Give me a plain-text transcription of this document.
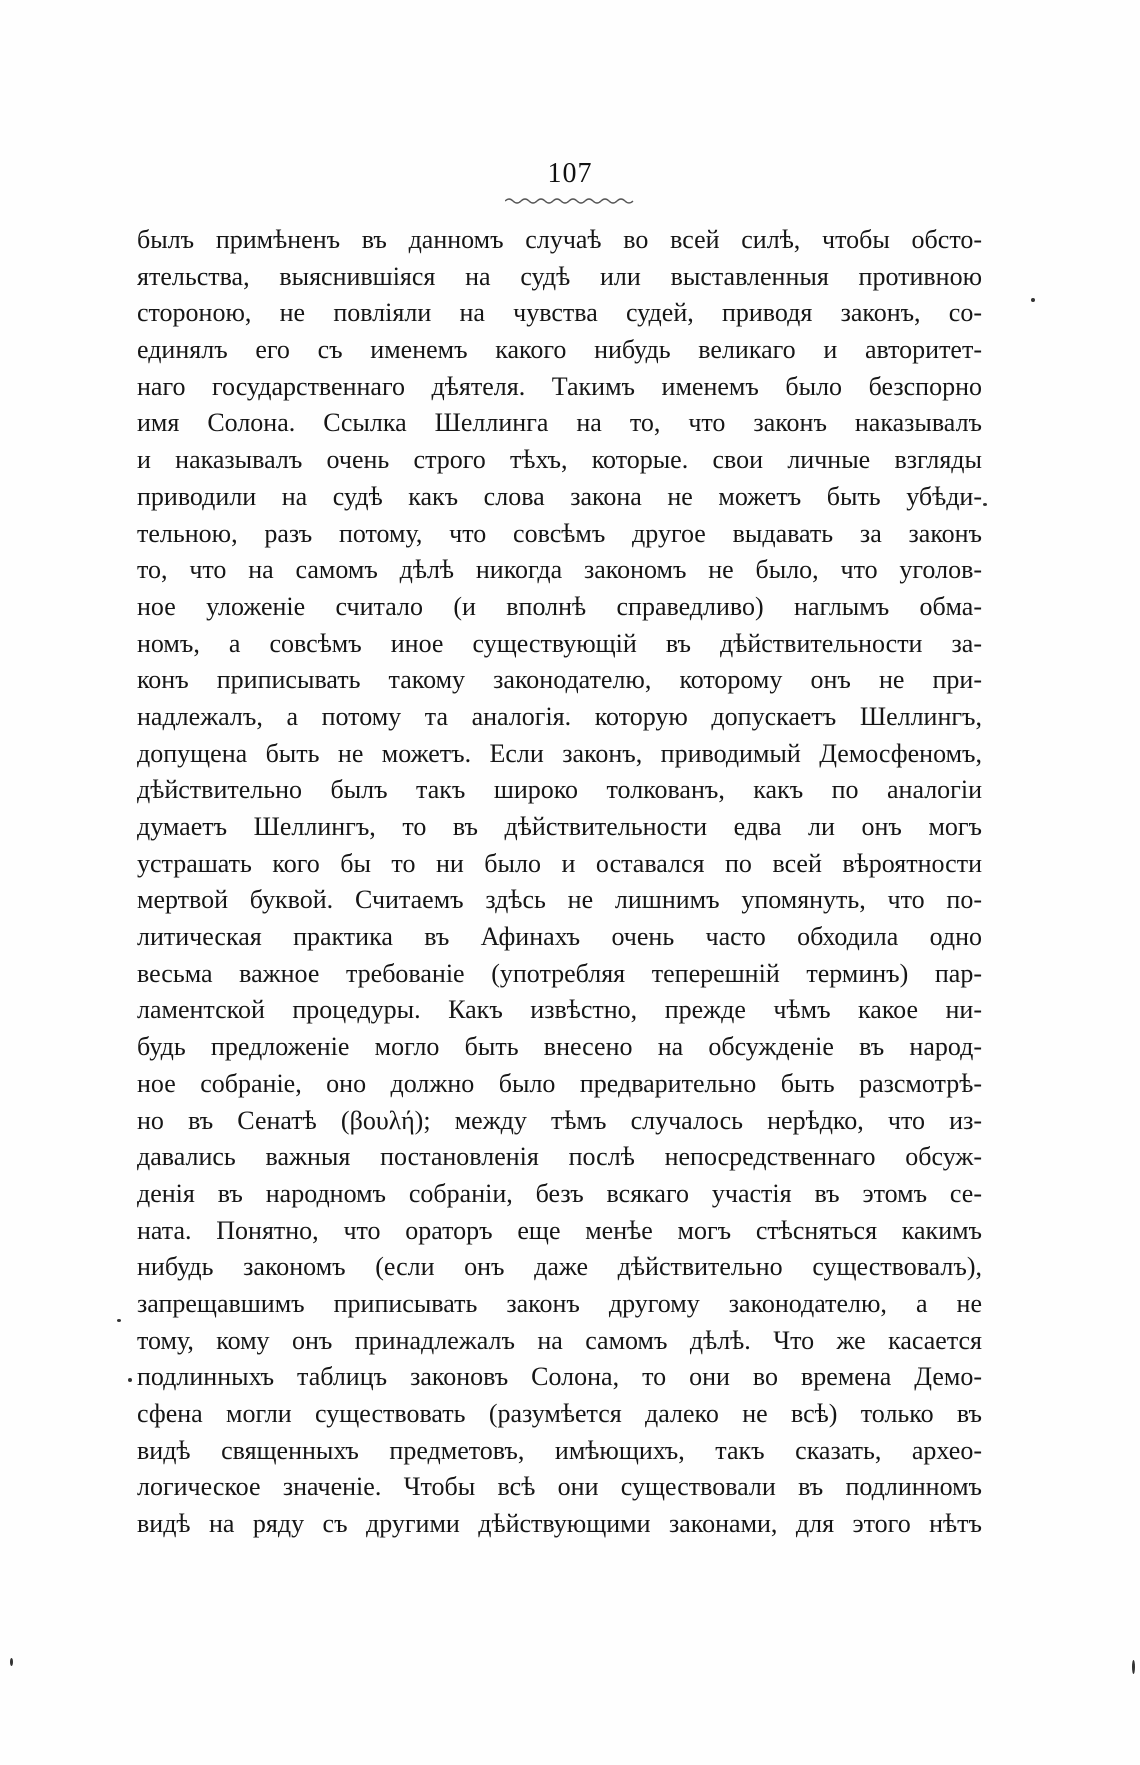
107
былъ примѣненъ въ данномъ случаѣ во всей силѣ, чтобы обсто-
ятельства, выяснившіяся на судѣ или выставленныя противною
стороною, не повліяли на чувства судей, приводя законъ, со-
единялъ его съ именемъ какого нибудь великаго и авторитет-
наго государственнаго дѣятеля. Такимъ именемъ было безспорно
имя Солона. Ссылка Шеллинга на то, что законъ наказывалъ
и наказывалъ очень строго тѣхъ, которые. свои личные взгляды
приводили на судѣ какъ слова закона не можетъ быть убѣди-
тельною, разъ потому, что совсѣмъ другое выдавать за законъ
то, что на самомъ дѣлѣ никогда закономъ не было, что уголов-
ное уложеніе считало (и вполнѣ справедливо) наглымъ обма-
номъ, а совсѣмъ иное существующій въ дѣйствительности за-
конъ приписывать такому законодателю, которому онъ не при-
надлежалъ, а потому та аналогія. которую допускаетъ Шеллингъ,
допущена быть не можетъ. Если законъ, приводимый Демосфеномъ,
дѣйствительно былъ такъ широко толкованъ, какъ по аналогіи
думаетъ Шеллингъ, то въ дѣйствительности едва ли онъ могъ
устрашать кого бы то ни было и оставался по всей вѣроятности
мертвой буквой. Считаемъ здѣсь не лишнимъ упомянуть, что по-
литическая практика въ Афинахъ очень часто обходила одно
весьма важное требованіе (употребляя теперешній терминъ) пар-
ламентской процедуры. Какъ извѣстно, прежде чѣмъ какое ни-
будь предложеніе могло быть внесено на обсужденіе въ народ-
ное собраніе, оно должно было предварительно быть разсмотрѣ-
но въ Сенатѣ (βουλή); между тѣмъ случалось нерѣдко, что из-
давались важныя постановленія послѣ непосредственнаго обсуж-
денія въ народномъ собраніи, безъ всякаго участія въ этомъ се-
ната. Понятно, что ораторъ еще менѣе могъ стѣсняться какимъ
нибудь закономъ (если онъ даже дѣйствительно существовалъ),
запрещавшимъ приписывать законъ другому законодателю, а не
тому, кому онъ принадлежалъ на самомъ дѣлѣ. Что же касается
подлинныхъ таблицъ законовъ Солона, то они во времена Демо-
сфена могли существовать (разумѣется далеко не всѣ) только въ
видѣ священныхъ предметовъ, имѣющихъ, такъ сказать, архео-
логическое значеніе. Чтобы всѣ они существовали въ подлинномъ
видѣ на ряду съ другими дѣйствующими законами, для этого нѣтъ
